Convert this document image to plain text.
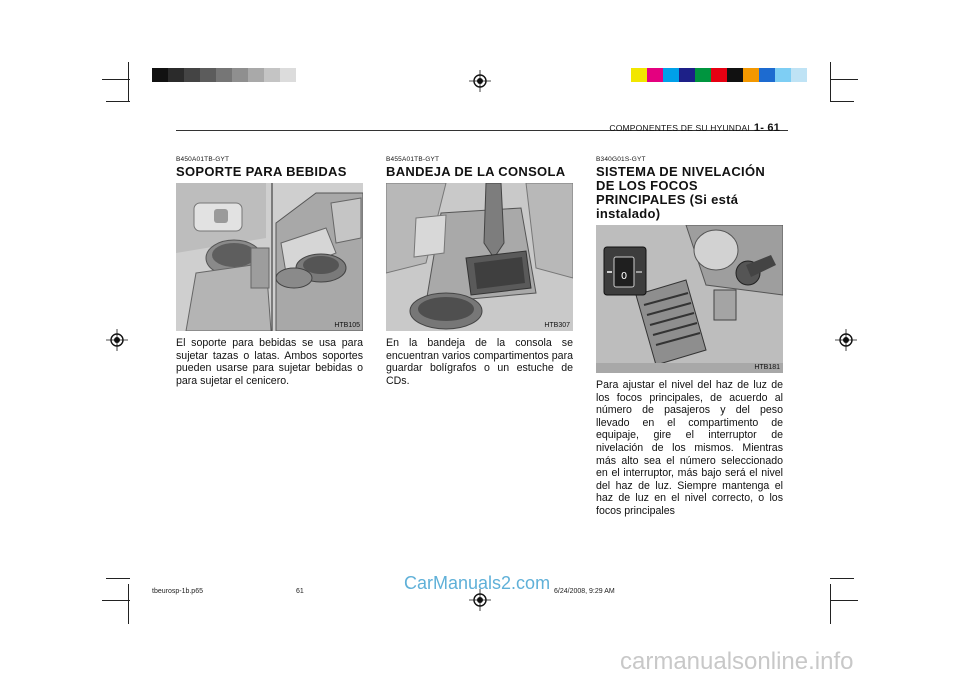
COMPONENTES DE SU HYUNDAI 1- 61
B450A01TB-GYT
SOPORTE PARA BEBIDAS
HTB105
El soporte para bebidas se usa para sujetar tazas o latas. Ambos soportes pueden usarse para sujetar bebidas o para sujetar el cenicero.
B455A01TB-GYT
BANDEJA DE LA CONSOLA
HTB307
En la bandeja de la consola se encuentran varios compartimentos para guardar bolígrafos o un estuche de CDs.
B340G01S-GYT
SISTEMA DE NIVELACIÓN DE LOS FOCOS PRINCIPALES (Si está instalado)
0
HTB181
Para ajustar el nivel del haz de luz de los focos principales, de acuerdo al número de pasajeros y del peso llevado en el compartimento de equipaje, gire el interruptor de nivelación de los mismos. Mientras más alto sea el número seleccionado en el interruptor, más bajo será el nivel del haz de luz. Siempre mantenga el haz de luz en el nivel correcto, o los focos principales
tbeurosp-1b.p65	61	6/24/2008, 9:29 AM
CarManuals2.com
carmanualsonline.info
